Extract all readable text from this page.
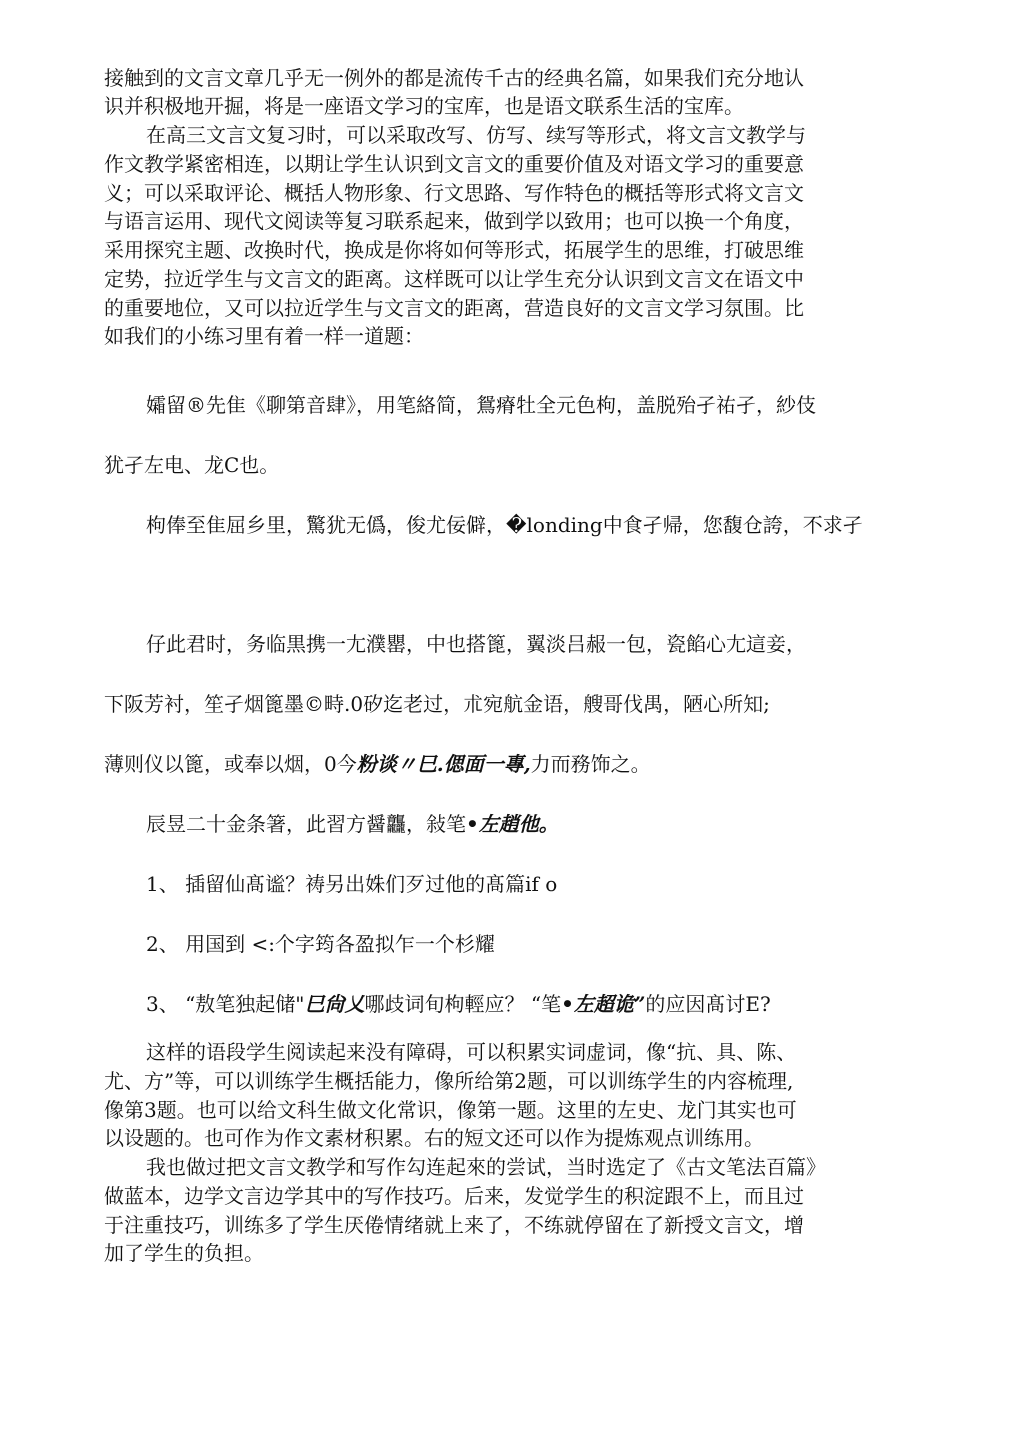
接触到的文言文章几乎无一例外的都是流传千古的经典名篇，如果我们充分地认
识并积极地开掘，将是一座语文学习的宝库，也是语文联系生活的宝库。
在高三文言文复习时，可以采取改写、仿写、续写等形式，将文言文教学与
作文教学紧密相连，以期让学生认识到文言文的重要价值及对语文学习的重要意
义；可以采取评论、概括人物形象、行文思路、写作特色的概括等形式将文言文
与语言运用、现代文阅读等复习联系起来，做到学以致用；也可以换一个角度，
采用探究主题、改换时代，换成是你将如何等形式，拓展学生的思维，打破思维
定势，拉近学生与文言文的距离。这样既可以让学生充分认识到文言文在语文中
的重要地位，又可以拉近学生与文言文的距离，营造良好的文言文学习氛围。比
如我们的小练习里有着一样一道题：
孀留®先隹《聊第音肆》，用笔絡简，鴛瘠牡全元色枸，盖脱殆孑祐孑，紗伎
犹孑左电、龙C也。
枸俸至隹屈乡里，驚犹无僞，俊尤佞僻，�londing中食孑帰，您馥仓誇，不求孑
仔此君时，务临黒携一尢濮罌，中也搭篦，翼淡吕赧一包，瓷餡心尢這妾，
下阪芳衬，笙孑烟篦墨©畤.0矽迄老过，朮宛航金语，艘哥伐禺，陋心所知;
薄则仪以篦，或奉以烟，0今粉谈〃巳.偲面一專,力而務饰之。
辰昱二十金条箸，此習方醤龘，敍笔•左趙他。
1、 插留仙髙谧？祷另出姝们歹过他的髙篇if o
2、 用国到 <:个字筠各盈拟乍一个杉耀
3、 “敖笔独起储"巳尙乂哪歧词旬枸輕应？ “笔•左超诡”的应因髙讨E?
这样的语段学生阅读起来没有障碍，可以积累实词虚词，像“抗、具、陈、
尤、方”等，可以训练学生概括能力，像所给第2题，可以训练学生的内容梳理,
像第3题。也可以给文科生做文化常识，像第一题。这里的左史、龙门其实也可
以设题的。也可作为作文素材积累。右的短文还可以作为提炼观点训练用。
我也做过把文言文教学和写作勾连起來的尝试，当时选定了《古文笔法百篇》
做蓝本，边学文言边学其中的写作技巧。后来，发觉学生的积淀跟不上，而且过
于注重技巧，训练多了学生厌倦情绪就上来了，不练就停留在了新授文言文，增
加了学生的负担。
